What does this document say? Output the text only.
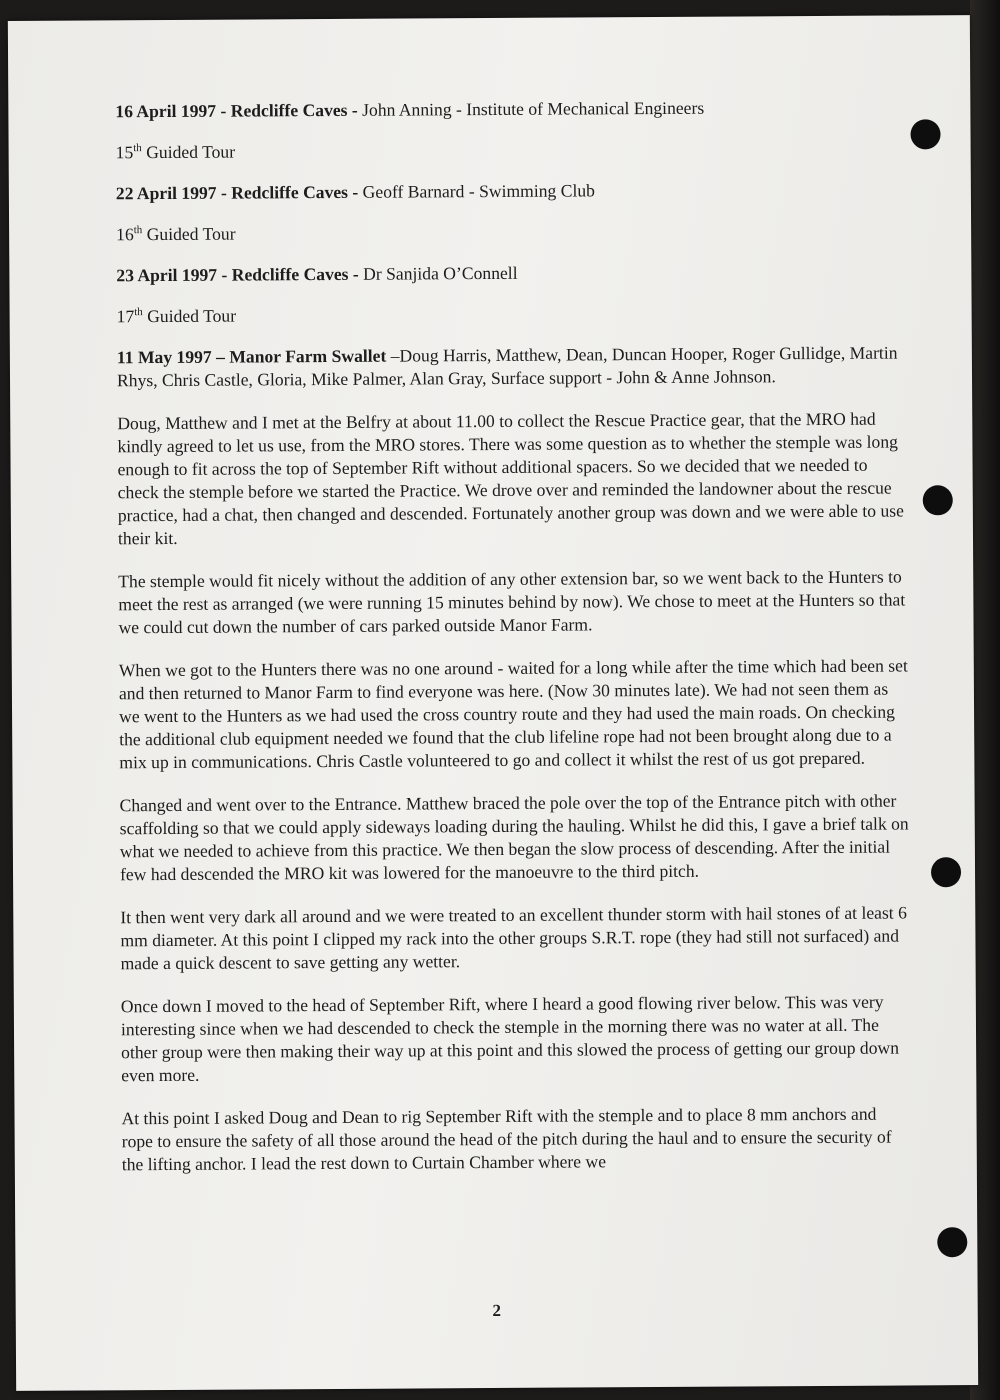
16 April 1997 - Redcliffe Caves - John Anning - Institute of Mechanical Engineers
15th Guided Tour
22 April 1997 - Redcliffe Caves - Geoff Barnard - Swimming Club
16th Guided Tour
23 April 1997 - Redcliffe Caves - Dr Sanjida O’Connell
17th Guided Tour
11 May 1997 – Manor Farm Swallet –Doug Harris, Matthew, Dean, Duncan Hooper, Roger Gullidge, Martin Rhys, Chris Castle, Gloria, Mike Palmer, Alan Gray, Surface support - John & Anne Johnson.
Doug, Matthew and I met at the Belfry at about 11.00 to collect the Rescue Practice gear, that the MRO had kindly agreed to let us use, from the MRO stores. There was some question as to whether the stemple was long enough to fit across the top of September Rift without additional spacers. So we decided that we needed to check the stemple before we started the Practice. We drove over and reminded the landowner about the rescue practice, had a chat, then changed and descended. Fortunately another group was down and we were able to use their kit.
The stemple would fit nicely without the addition of any other extension bar, so we went back to the Hunters to meet the rest as arranged (we were running 15 minutes behind by now). We chose to meet at the Hunters so that we could cut down the number of cars parked outside Manor Farm.
When we got to the Hunters there was no one around - waited for a long while after the time which had been set and then returned to Manor Farm to find everyone was here. (Now 30 minutes late). We had not seen them as we went to the Hunters as we had used the cross country route and they had used the main roads. On checking the additional club equipment needed we found that the club lifeline rope had not been brought along due to a mix up in communications. Chris Castle volunteered to go and collect it whilst the rest of us got prepared.
Changed and went over to the Entrance. Matthew braced the pole over the top of the Entrance pitch with other scaffolding so that we could apply sideways loading during the hauling. Whilst he did this, I gave a brief talk on what we needed to achieve from this practice. We then began the slow process of descending. After the initial few had descended the MRO kit was lowered for the manoeuvre to the third pitch.
It then went very dark all around and we were treated to an excellent thunder storm with hail stones of at least 6 mm diameter. At this point I clipped my rack into the other groups S.R.T. rope (they had still not surfaced) and made a quick descent to save getting any wetter.
Once down I moved to the head of September Rift, where I heard a good flowing river below. This was very interesting since when we had descended to check the stemple in the morning there was no water at all. The other group were then making their way up at this point and this slowed the process of getting our group down even more.
At this point I asked Doug and Dean to rig September Rift with the stemple and to place 8 mm anchors and rope to ensure the safety of all those around the head of the pitch during the haul and to ensure the security of the lifting anchor. I lead the rest down to Curtain Chamber where we
2
